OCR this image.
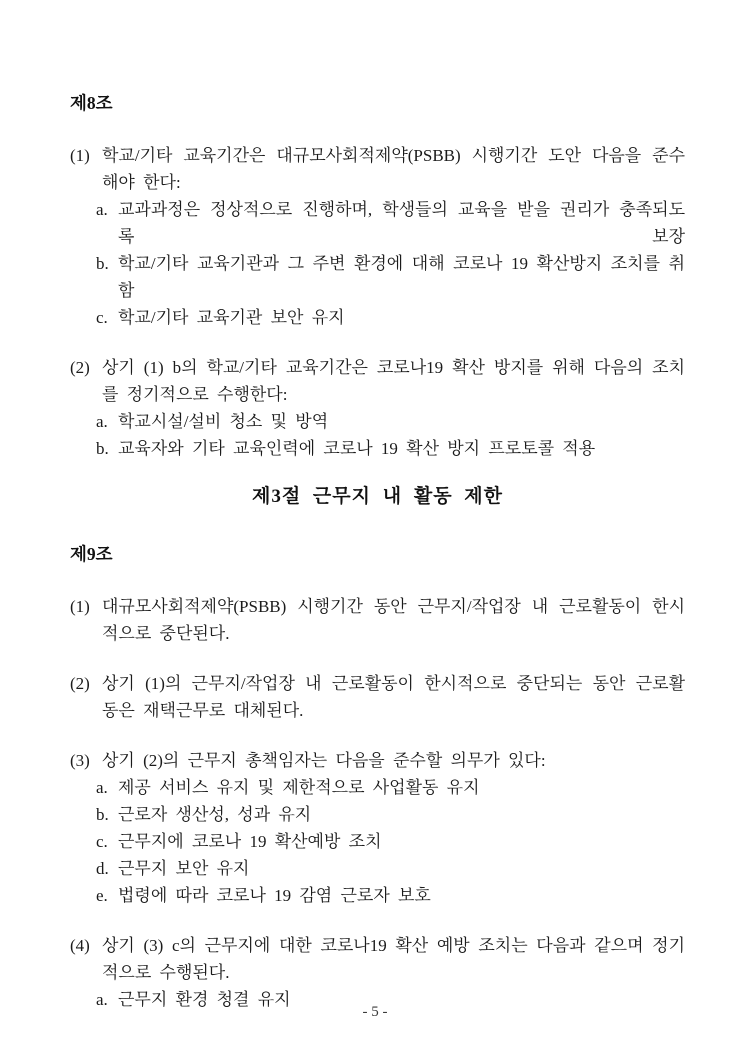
제8조
(1) 학교/기타 교육기간은 대규모사회적제약(PSBB) 시행기간 도안 다음을 준수
해야 한다:
a. 교과과정은 정상적으로 진행하며, 학생들의 교육을 받을 권리가 충족되도록 보장
b. 학교/기타 교육기관과 그 주변 환경에 대해 코로나 19 확산방지 조치를 취함
c. 학교/기타 교육기관 보안 유지
(2) 상기 (1) b의 학교/기타 교육기간은 코로나19 확산 방지를 위해 다음의 조치
를 정기적으로 수행한다:
a. 학교시설/설비 청소 및 방역
b. 교육자와 기타 교육인력에 코로나 19 확산 방지 프로토콜 적용
제3절 근무지 내 활동 제한
제9조
(1) 대규모사회적제약(PSBB) 시행기간 동안 근무지/작업장 내 근로활동이 한시
적으로 중단된다.
(2) 상기 (1)의 근무지/작업장 내 근로활동이 한시적으로 중단되는 동안 근로활
동은 재택근무로 대체된다.
(3) 상기 (2)의 근무지 총책임자는 다음을 준수할 의무가 있다:
a. 제공 서비스 유지 및 제한적으로 사업활동 유지
b. 근로자 생산성, 성과 유지
c. 근무지에 코로나 19 확산예방 조치
d. 근무지 보안 유지
e. 법령에 따라 코로나 19 감염 근로자 보호
(4) 상기 (3) c의 근무지에 대한 코로나19 확산 예방 조치는 다음과 같으며 정기
적으로 수행된다.
a. 근무지 환경 청결 유지
- 5 -
